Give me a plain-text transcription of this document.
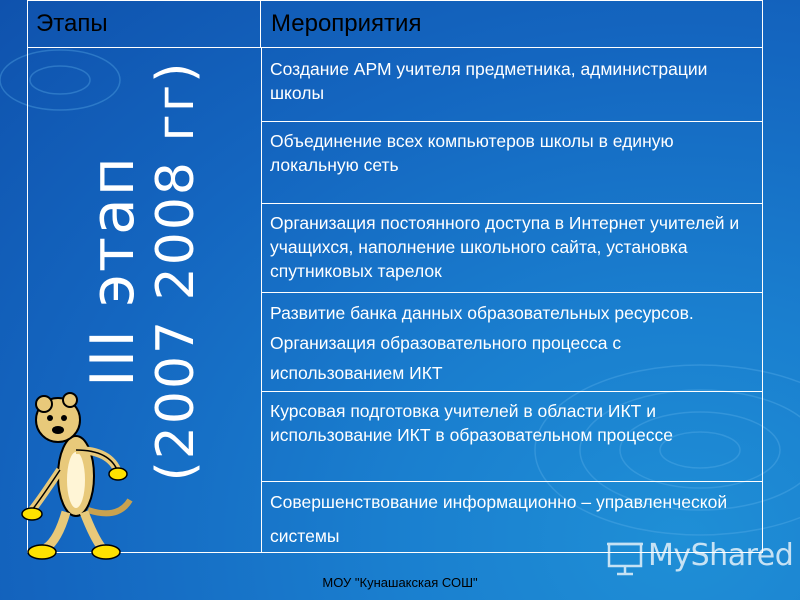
Этапы	Мероприятия
Создание АРМ учителя предметника, администрации школы
Объединение всех компьютеров школы в единую локальную сеть
Организация постоянного доступа в Интернет учителей и учащихся, наполнение школьного сайта, установка спутниковых тарелок
Развитие банка данных образовательных ресурсов. Организация образовательного процесса с использованием ИКТ
Курсовая подготовка учителей в области ИКТ и использование ИКТ в образовательном процессе
Совершенствование информационно – управленческой системы
III этап
(2007 2008 гг)
MyShared
МОУ "Кунашакская СОШ"
